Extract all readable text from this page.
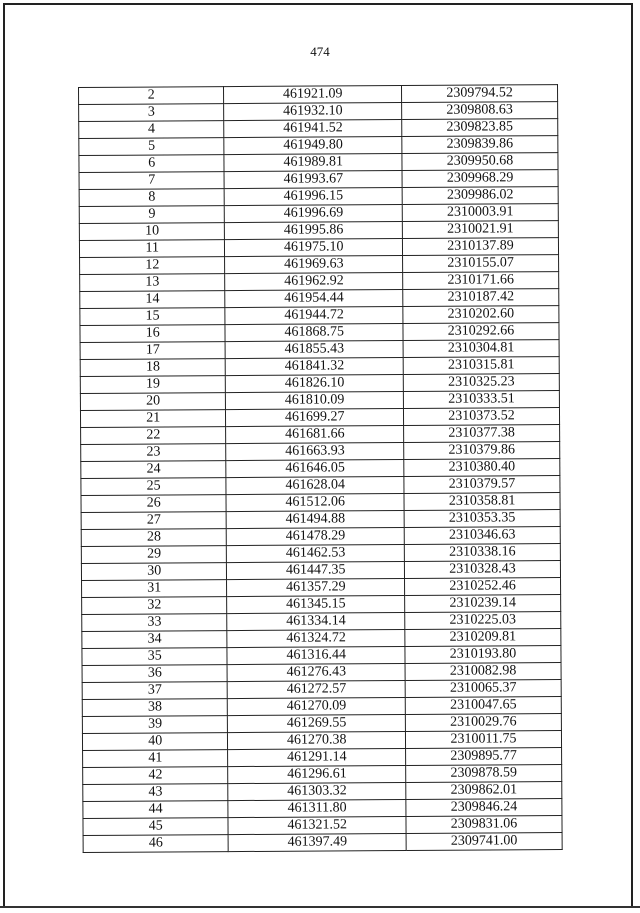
474
2	461921.09	2309794.52
3	461932.10	2309808.63
4	461941.52	2309823.85
5	461949.80	2309839.86
6	461989.81	2309950.68
7	461993.67	2309968.29
8	461996.15	2309986.02
9	461996.69	2310003.91
10	461995.86	2310021.91
11	461975.10	2310137.89
12	461969.63	2310155.07
13	461962.92	2310171.66
14	461954.44	2310187.42
15	461944.72	2310202.60
16	461868.75	2310292.66
17	461855.43	2310304.81
18	461841.32	2310315.81
19	461826.10	2310325.23
20	461810.09	2310333.51
21	461699.27	2310373.52
22	461681.66	2310377.38
23	461663.93	2310379.86
24	461646.05	2310380.40
25	461628.04	2310379.57
26	461512.06	2310358.81
27	461494.88	2310353.35
28	461478.29	2310346.63
29	461462.53	2310338.16
30	461447.35	2310328.43
31	461357.29	2310252.46
32	461345.15	2310239.14
33	461334.14	2310225.03
34	461324.72	2310209.81
35	461316.44	2310193.80
36	461276.43	2310082.98
37	461272.57	2310065.37
38	461270.09	2310047.65
39	461269.55	2310029.76
40	461270.38	2310011.75
41	461291.14	2309895.77
42	461296.61	2309878.59
43	461303.32	2309862.01
44	461311.80	2309846.24
45	461321.52	2309831.06
46	461397.49	2309741.00
